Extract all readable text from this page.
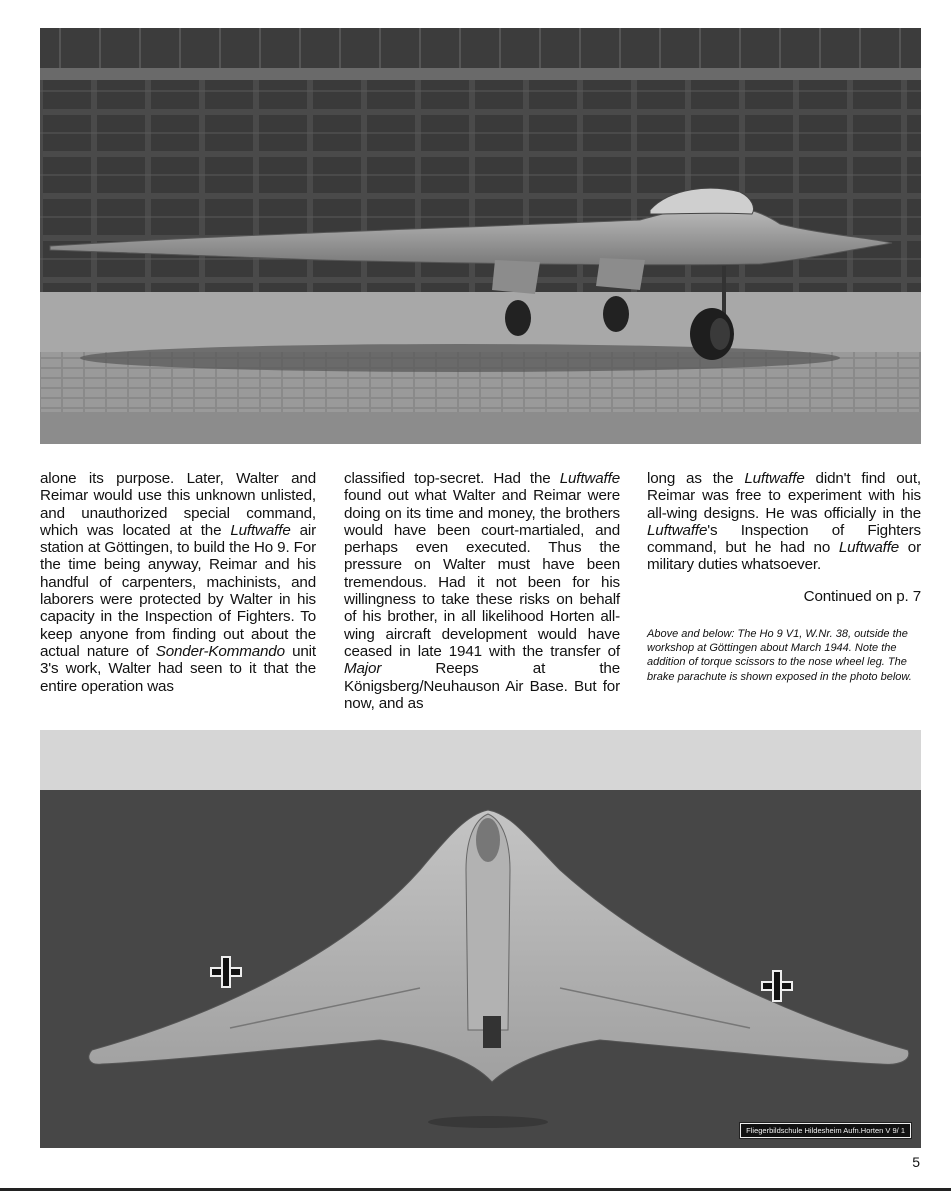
alone its purpose. Later, Walter and Reimar would use this unknown unlisted, and unauthorized special command, which was located at the Luftwaffe air station at Göttingen, to build the Ho 9. For the time being anyway, Reimar and his handful of carpenters, machinists, and laborers were protected by Walter in his capacity in the Inspection of Fighters. To keep anyone from finding out about the actual nature of Sonder-Kommando unit 3's work, Walter had seen to it that the entire operation was

classified top-secret. Had the Luftwaffe found out what Walter and Reimar were doing on its time and money, the brothers would have been court-martialed, and perhaps even executed. Thus the pressure on Walter must have been tremendous. Had it not been for his willingness to take these risks on behalf of his brother, in all likelihood Horten all-wing aircraft development would have ceased in late 1941 with the transfer of Major Reeps at the Königsberg/Neuhauson Air Base. But for now, and as

long as the Luftwaffe didn't find out, Reimar was free to experiment with his all-wing designs. He was officially in the Luftwaffe's Inspection of Fighters command, but he had no Luftwaffe or military duties whatsoever.

Continued on p. 7

Above and below: The Ho 9 V1, W.Nr. 38, outside the workshop at Göttingen about March 1944. Note the addition of torque scissors to the nose wheel leg. The brake parachute is shown exposed in the photo below.

Fliegerbildschule Hildesheim Aufn.Horten V 9/ 1
5
